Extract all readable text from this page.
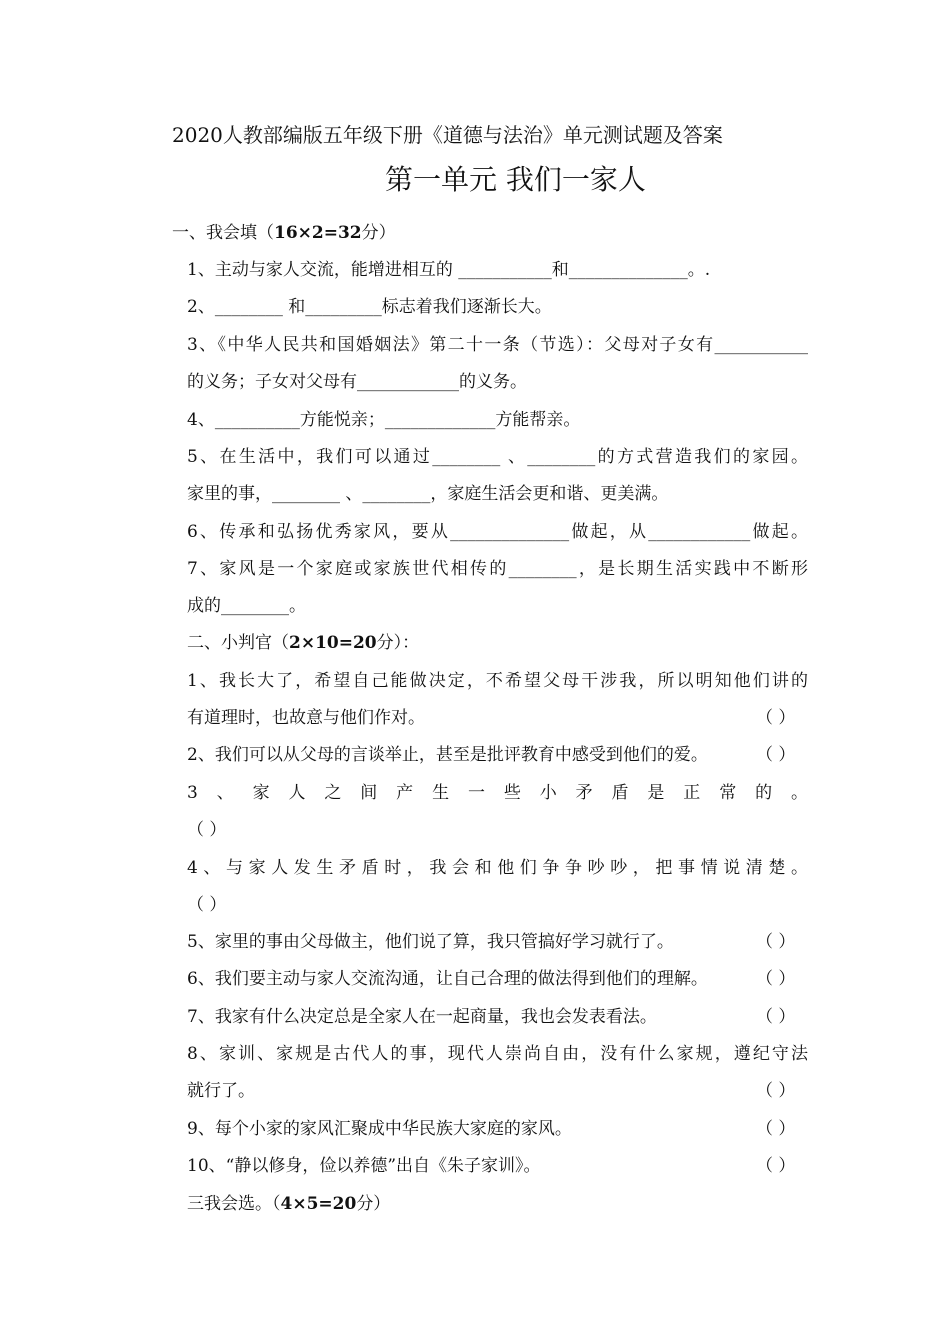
2020人教部编版五年级下册《道德与法治》单元测试题及答案
第一单元 我们一家人
一、我会填（16×2=32分）
1、主动与家人交流，能增进相互的 ___________和______________。.
2、________ 和_________标志着我们逐渐长大。
3、《中华人民共和国婚姻法》第二十一条（节选）：父母对子女有___________
的义务；子女对父母有____________的义务。
4、__________方能悦亲；_____________方能帮亲。
5、在生活中，我们可以通过________ 、________的方式营造我们的家园。
家里的事，________ 、________，家庭生活会更和谐、更美满。
6、传承和弘扬优秀家风，要从______________做起，从____________做起。
7、家风是一个家庭或家族世代相传的________，是长期生活实践中不断形
成的________。
二、小判官（2×10=20分）：
1、我长大了，希望自己能做决定，不希望父母干涉我，所以明知他们讲的
有道理时，也故意与他们作对。	（ ）
2、我们可以从父母的言谈举止，甚至是批评教育中感受到他们的爱。	（ ）
3、家人之间产生一些小矛盾是正常的。
（ ）
4、与家人发生矛盾时，我会和他们争争吵吵，把事情说清楚。
（ ）
5、家里的事由父母做主，他们说了算，我只管搞好学习就行了。	（ ）
6、我们要主动与家人交流沟通，让自己合理的做法得到他们的理解。	（ ）
7、我家有什么决定总是全家人在一起商量，我也会发表看法。	（ ）
8、家训、家规是古代人的事，现代人崇尚自由，没有什么家规，遵纪守法
就行了。	（ ）
9、每个小家的家风汇聚成中华民族大家庭的家风。	（ ）
10、“静以修身，俭以养德”出自《朱子家训》。	（ ）
三我会选。（4×5=20分）
